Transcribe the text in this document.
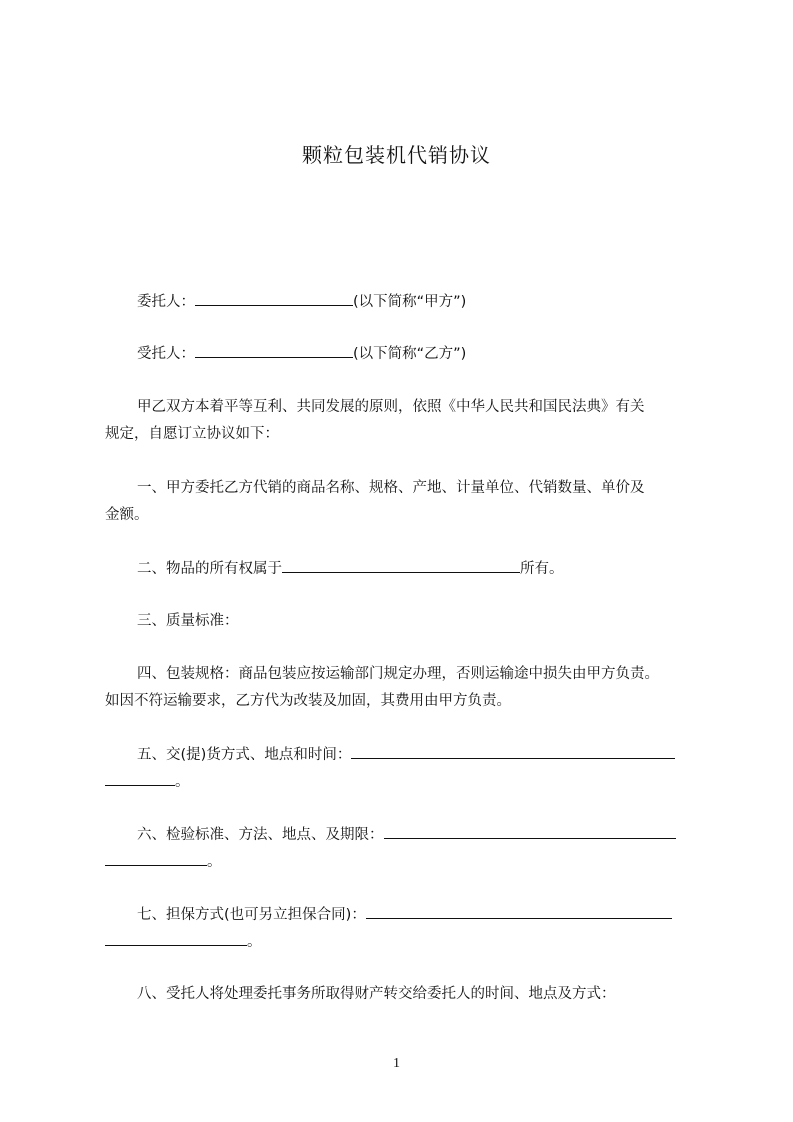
颗粒包装机代销协议
委托人：	(以下简称“甲方”)
受托人：	(以下简称“乙方”)
甲乙双方本着平等互利、共同发展的原则，依照《中华人民共和国民法典》有关
规定，自愿订立协议如下：
一、甲方委托乙方代销的商品名称、规格、产地、计量单位、代销数量、单价及
金额。
二、物品的所有权属于	所有。
三、质量标准：
四、包装规格：商品包装应按运输部门规定办理，否则运输途中损失由甲方负责。
如因不符运输要求，乙方代为改装及加固，其费用由甲方负责。
五、交(提)货方式、地点和时间：
。
六、检验标准、方法、地点、及期限：
。
七、担保方式(也可另立担保合同)：
。
八、受托人将处理委托事务所取得财产转交给委托人的时间、地点及方式：
1
